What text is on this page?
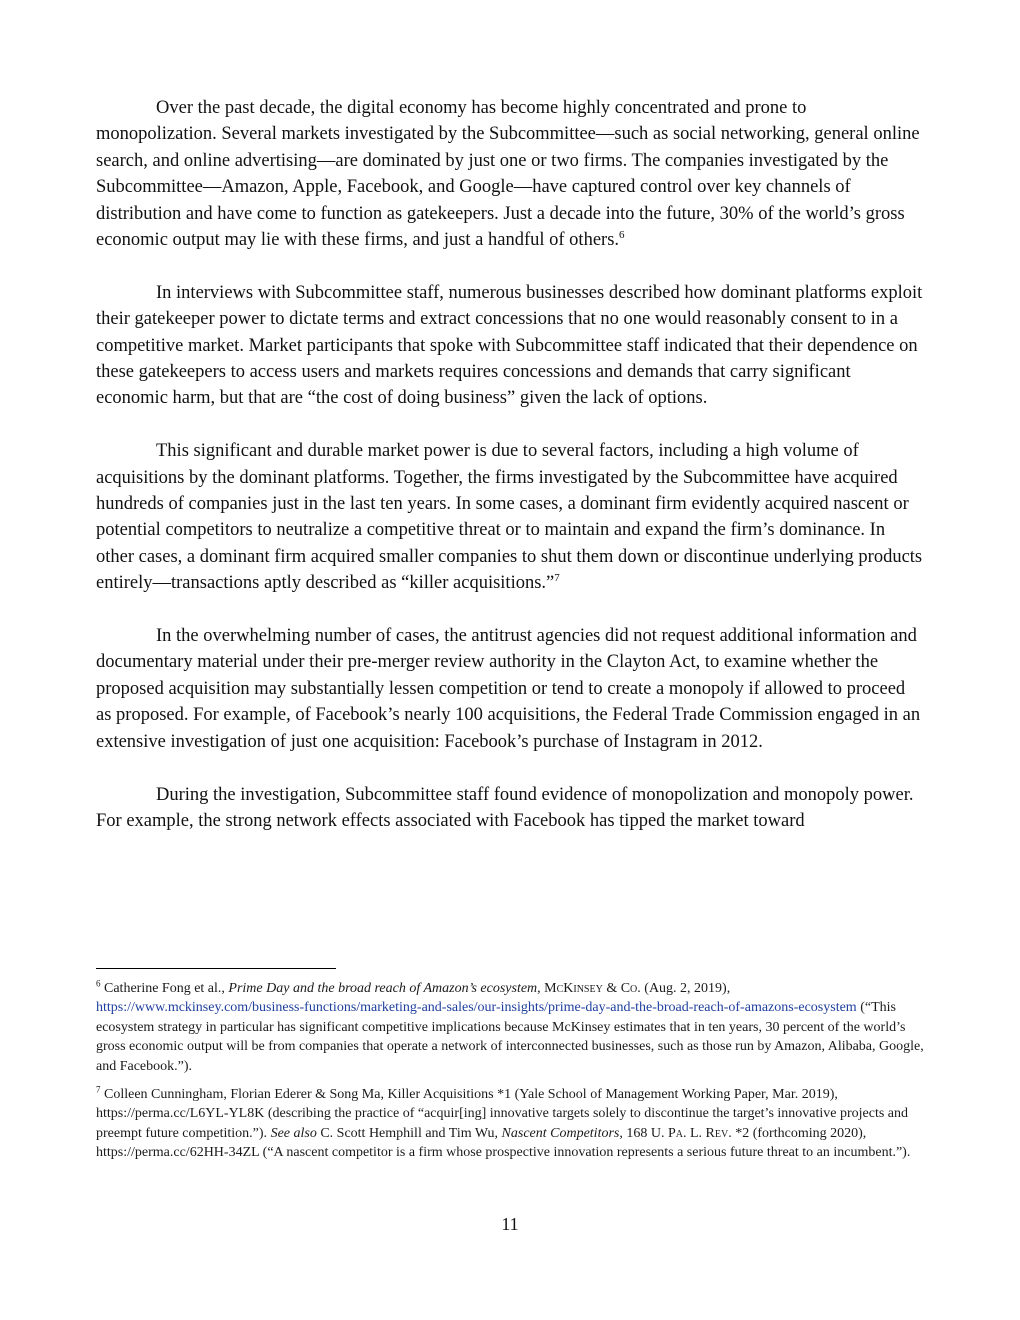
Over the past decade, the digital economy has become highly concentrated and prone to monopolization. Several markets investigated by the Subcommittee—such as social networking, general online search, and online advertising—are dominated by just one or two firms. The companies investigated by the Subcommittee—Amazon, Apple, Facebook, and Google—have captured control over key channels of distribution and have come to function as gatekeepers. Just a decade into the future, 30% of the world’s gross economic output may lie with these firms, and just a handful of others.$^6$

In interviews with Subcommittee staff, numerous businesses described how dominant platforms exploit their gatekeeper power to dictate terms and extract concessions that no one would reasonably consent to in a competitive market. Market participants that spoke with Subcommittee staff indicated that their dependence on these gatekeepers to access users and markets requires concessions and demands that carry significant economic harm, but that are “the cost of doing business” given the lack of options.

This significant and durable market power is due to several factors, including a high volume of acquisitions by the dominant platforms. Together, the firms investigated by the Subcommittee have acquired hundreds of companies just in the last ten years. In some cases, a dominant firm evidently acquired nascent or potential competitors to neutralize a competitive threat or to maintain and expand the firm’s dominance. In other cases, a dominant firm acquired smaller companies to shut them down or discontinue underlying products entirely—transactions aptly described as “killer acquisitions.”$^7$

In the overwhelming number of cases, the antitrust agencies did not request additional information and documentary material under their pre-merger review authority in the Clayton Act, to examine whether the proposed acquisition may substantially lessen competition or tend to create a monopoly if allowed to proceed as proposed. For example, of Facebook’s nearly 100 acquisitions, the Federal Trade Commission engaged in an extensive investigation of just one acquisition: Facebook’s purchase of Instagram in 2012.

During the investigation, Subcommittee staff found evidence of monopolization and monopoly power. For example, the strong network effects associated with Facebook has tipped the market toward

$^6$ Catherine Fong et al., Prime Day and the broad reach of Amazon’s ecosystem, McKinsey & Co. (Aug. 2, 2019), https://www.mckinsey.com/business-functions/marketing-and-sales/our-insights/prime-day-and-the-broad-reach-of-amazons-ecosystem (“This ecosystem strategy in particular has significant competitive implications because McKinsey estimates that in ten years, 30 percent of the world’s gross economic output will be from companies that operate a network of interconnected businesses, such as those run by Amazon, Alibaba, Google, and Facebook.”).

$^7$ Colleen Cunningham, Florian Ederer & Song Ma, Killer Acquisitions *1 (Yale School of Management Working Paper, Mar. 2019), https://perma.cc/L6YL-YL8K (describing the practice of “acquir[ing] innovative targets solely to discontinue the target’s innovative projects and preempt future competition.”). See also C. Scott Hemphill and Tim Wu, Nascent Competitors, 168 U. Pa. L. Rev. *2 (forthcoming 2020), https://perma.cc/62HH-34ZL (“A nascent competitor is a firm whose prospective innovation represents a serious future threat to an incumbent.”).

11
